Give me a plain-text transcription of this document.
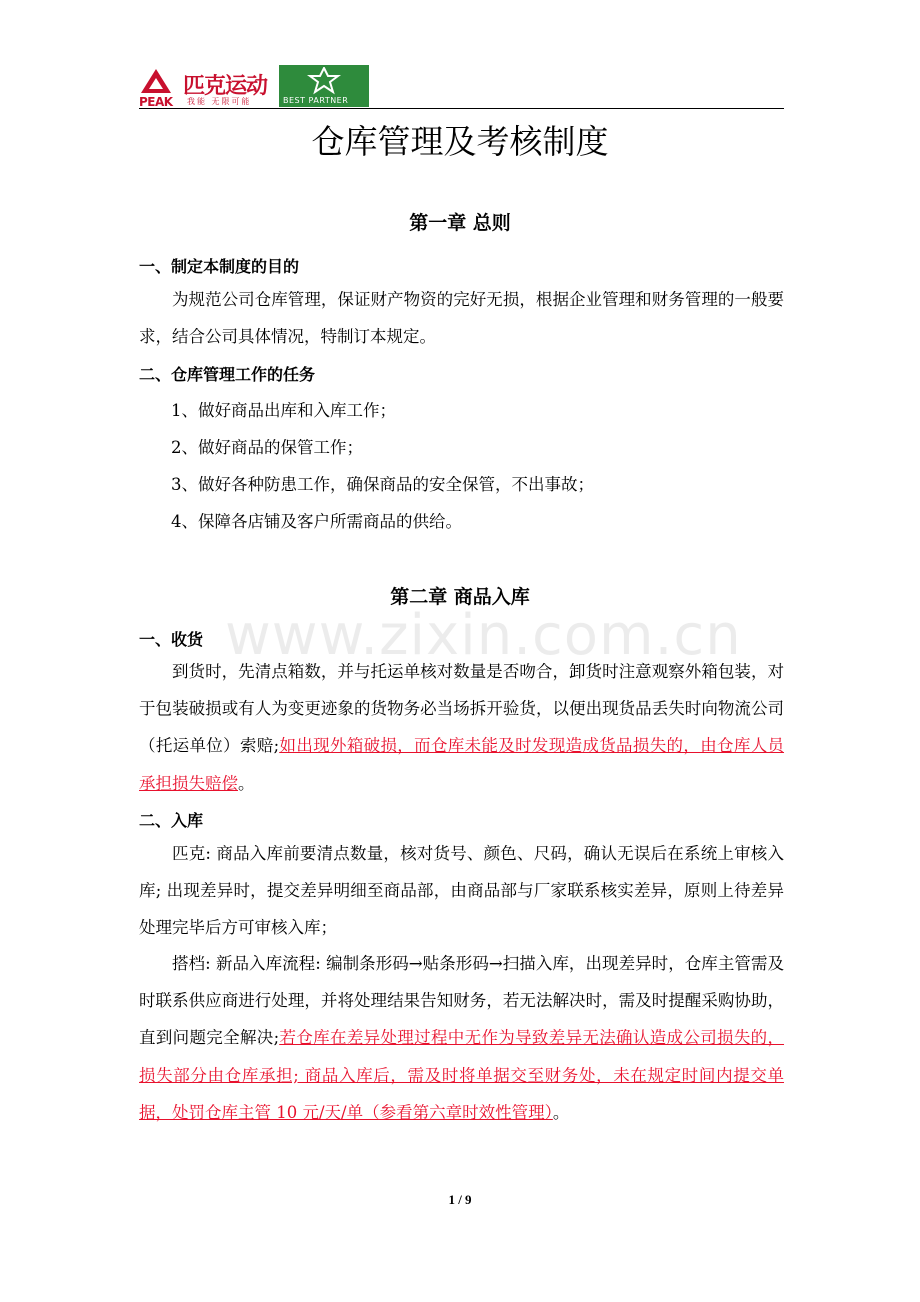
PEAK
匹克运动
我能 无限可能	BEST PARTNER
仓库管理及考核制度
第一章 总则
一、制定本制度的目的

为规范公司仓库管理，保证财产物资的完好无损，根据企业管理和财务管理的一般要求，结合公司具体情况，特制订本规定。

二、仓库管理工作的任务
1、做好商品出库和入库工作；
2、做好商品的保管工作；
3、做好各种防患工作，确保商品的安全保管，不出事故；
4、保障各店铺及客户所需商品的供给。
第二章 商品入库
一、收货

到货时，先清点箱数，并与托运单核对数量是否吻合，卸货时注意观察外箱包装，对于包装破损或有人为变更迹象的货物务必当场拆开验货，以便出现货品丢失时向物流公司（托运单位）索赔;如出现外箱破损，而仓库未能及时发现造成货品损失的，由仓库人员承担损失赔偿。

二、入库

匹克: 商品入库前要清点数量，核对货号、颜色、尺码，确认无误后在系统上审核入库; 出现差异时，提交差异明细至商品部，由商品部与厂家联系核实差异，原则上待差异处理完毕后方可审核入库；

搭档: 新品入库流程: 编制条形码→贴条形码→扫描入库，出现差异时，仓库主管需及时联系供应商进行处理，并将处理结果告知财务，若无法解决时，需及时提醒采购协助，直到问题完全解决;若仓库在差异处理过程中无作为导致差异无法确认造成公司损失的，损失部分由仓库承担; 商品入库后，需及时将单据交至财务处，未在规定时间内提交单据，处罚仓库主管 10 元/天/单（参看第六章时效性管理）。

www.zixin.com.cn
1 / 9
